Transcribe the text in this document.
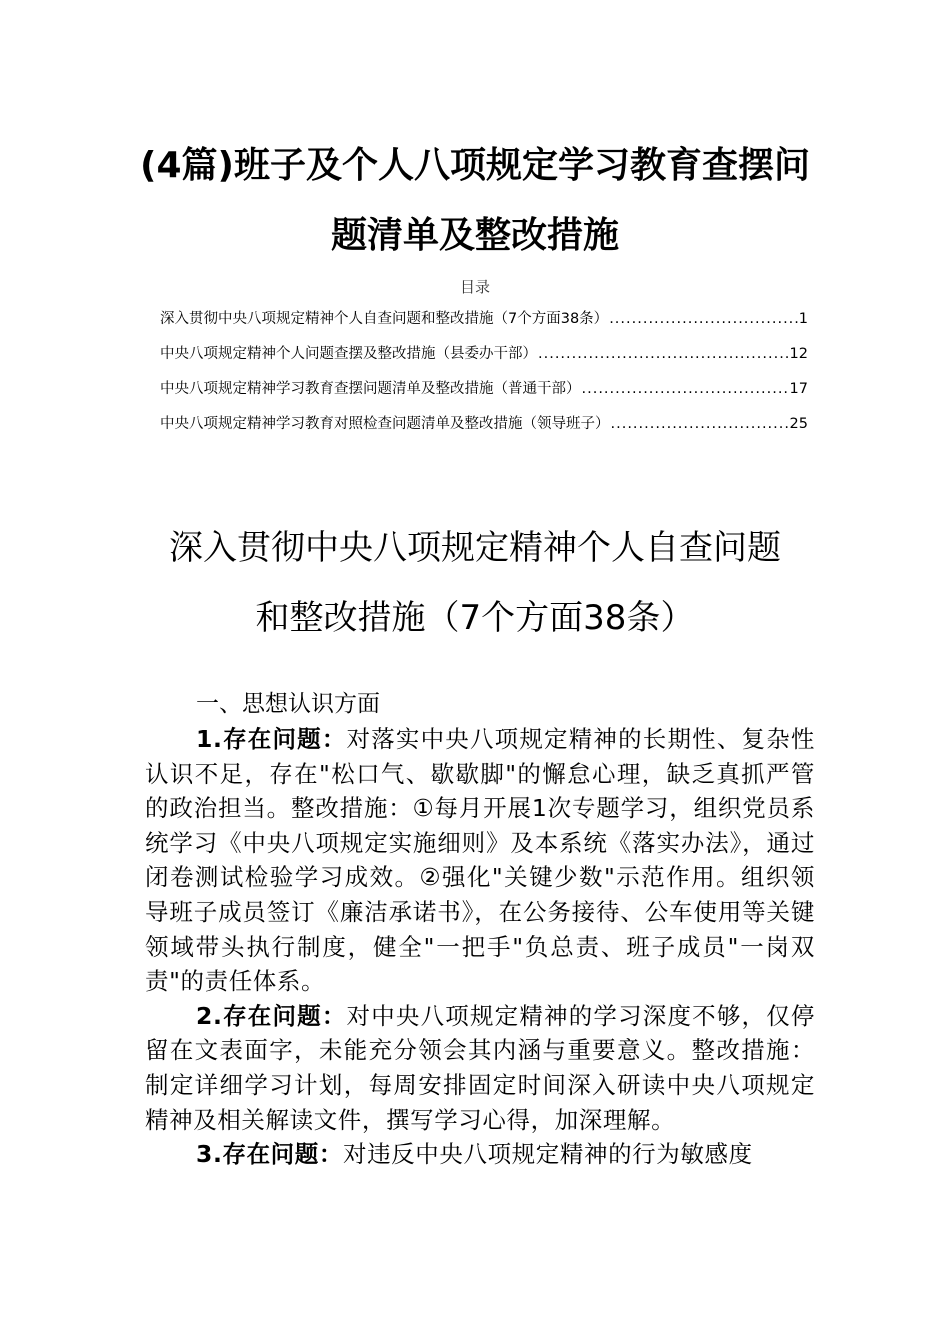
(4篇)班子及个人八项规定学习教育查摆问
题清单及整改措施
目录
深入贯彻中央八项规定精神个人自查问题和整改措施（7个方面38条） .....	1
中央八项规定精神个人问题查摆及整改措施（县委办干部） .....	12
中央八项规定精神学习教育查摆问题清单及整改措施（普通干部） .....	17
中央八项规定精神学习教育对照检查问题清单及整改措施（领导班子） .....	25
深入贯彻中央八项规定精神个人自查问题
和整改措施（7个方面38条）
一、思想认识方面

1.存在问题：对落实中央八项规定精神的长期性、复杂性认识不足，存在"松口气、歇歇脚"的懈怠心理，缺乏真抓严管的政治担当。整改措施：①每月开展1次专题学习，组织党员系统学习《中央八项规定实施细则》及本系统《落实办法》，通过闭卷测试检验学习成效。②强化"关键少数"示范作用。组织领导班子成员签订《廉洁承诺书》，在公务接待、公车使用等关键领域带头执行制度，健全"一把手"负总责、班子成员"一岗双责"的责任体系。

2.存在问题：对中央八项规定精神的学习深度不够，仅停留在文表面字，未能充分领会其内涵与重要意义。整改措施：制定详细学习计划，每周安排固定时间深入研读中央八项规定精神及相关解读文件，撰写学习心得，加深理解。

3.存在问题：对违反中央八项规定精神的行为敏感度
